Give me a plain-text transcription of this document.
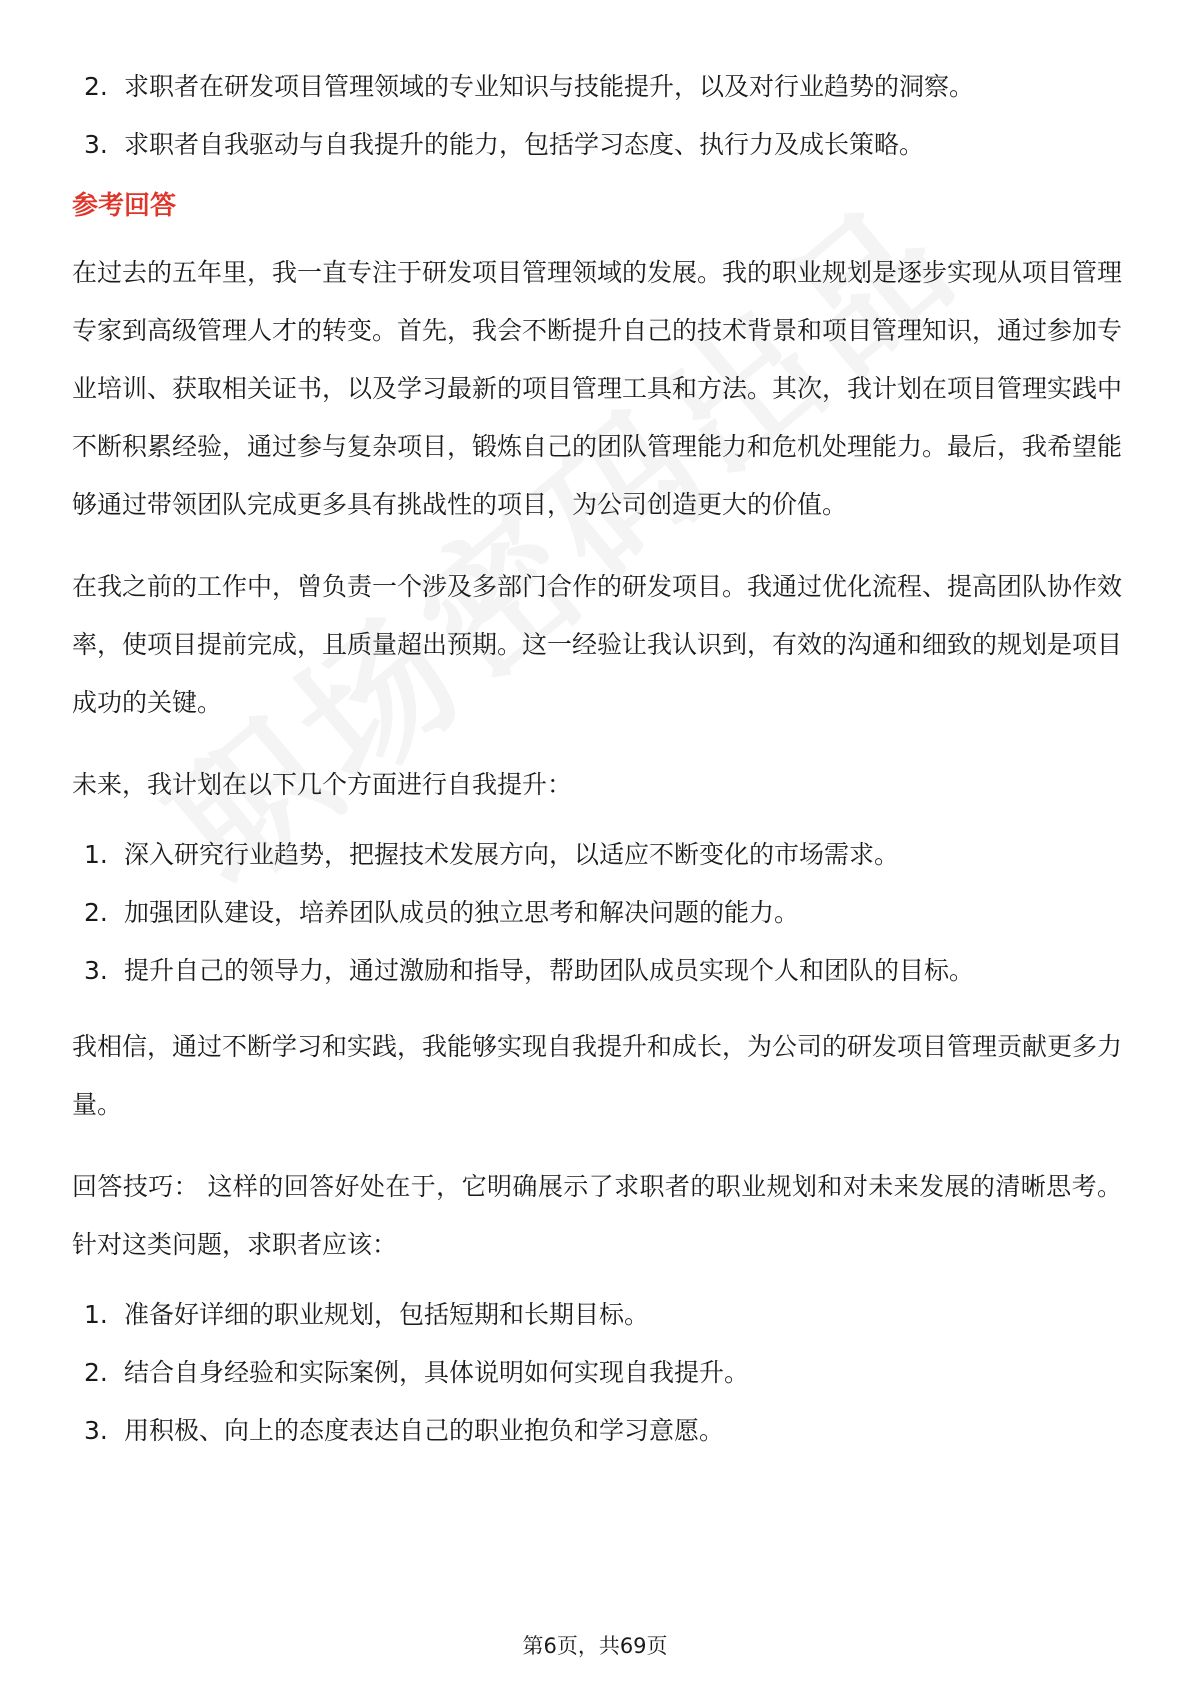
2. 求职者在研发项目管理领域的专业知识与技能提升，以及对行业趋势的洞察。
3. 求职者自我驱动与自我提升的能力，包括学习态度、执行力及成长策略。
参考回答

在过去的五年里，我一直专注于研发项目管理领域的发展。我的职业规划是逐步实现从项目管理专家到高级管理人才的转变。首先，我会不断提升自己的技术背景和项目管理知识，通过参加专业培训、获取相关证书，以及学习最新的项目管理工具和方法。其次，我计划在项目管理实践中不断积累经验，通过参与复杂项目，锻炼自己的团队管理能力和危机处理能力。最后，我希望能够通过带领团队完成更多具有挑战性的项目，为公司创造更大的价值。

在我之前的工作中，曾负责一个涉及多部门合作的研发项目。我通过优化流程、提高团队协作效率，使项目提前完成，且质量超出预期。这一经验让我认识到，有效的沟通和细致的规划是项目成功的关键。

未来，我计划在以下几个方面进行自我提升：

1. 深入研究行业趋势，把握技术发展方向，以适应不断变化的市场需求。
2. 加强团队建设，培养团队成员的独立思考和解决问题的能力。
3. 提升自己的领导力，通过激励和指导，帮助团队成员实现个人和团队的目标。

我相信，通过不断学习和实践，我能够实现自我提升和成长，为公司的研发项目管理贡献更多力量。

回答技巧： 这样的回答好处在于，它明确展示了求职者的职业规划和对未来发展的清晰思考。针对这类问题，求职者应该：

1. 准备好详细的职业规划，包括短期和长期目标。
2. 结合自身经验和实际案例，具体说明如何实现自我提升。
3. 用积极、向上的态度表达自己的职业抱负和学习意愿。
第6页，共69页
